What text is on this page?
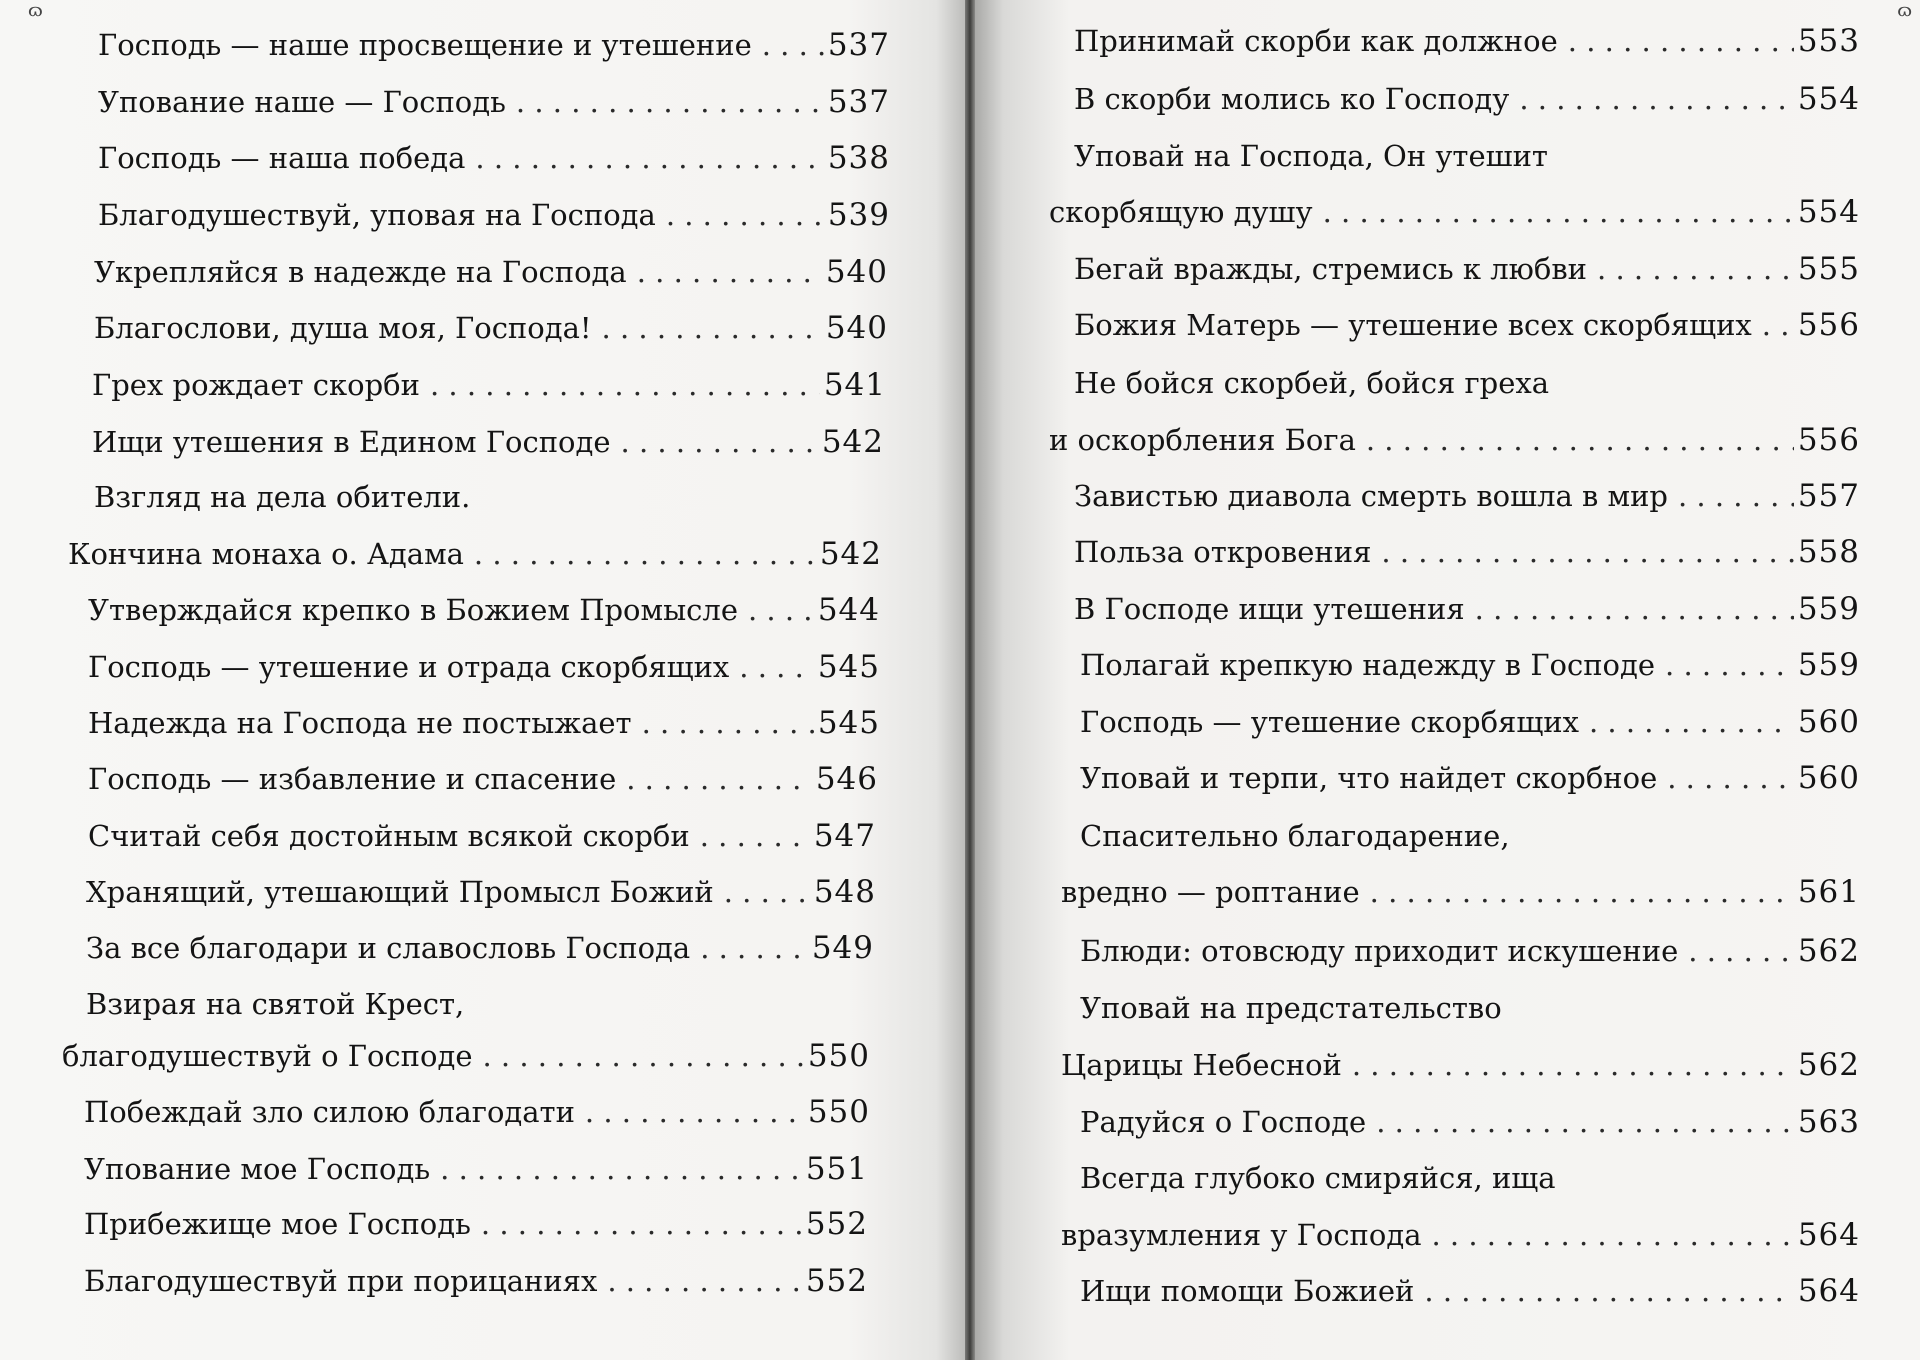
ɷ
Господь — наше просвещение и утешение . . . 537
Упование наше — Господь . . .	537
Господь — наша победа . . .	538
Благодушествуй, уповая на Господа . . .	539
Укрепляйся в надежде на Господа . . .	540
Благослови, душа моя, Господа! . . .	540
Грех рождает скорби . . .	541
Ищи утешения в Едином Господе . . .	542
Взгляд на дела обители.
Кончина монаха о. Адама . . .	542
Утверждайся крепко в Божием Промысле . . .	544
Господь — утешение и отрада скорбящих . . .	545
Надежда на Господа не постыжает . . .	545
Господь — избавление и спасение . . .	546
Считай себя достойным всякой скорби . . .	547
Хранящий, утешающий Промысл Божий . . .	548
За все благодари и славословь Господа . . .	549
Взирая на святой Крест,
благодушествуй о Господе . . .	550
Побеждай зло силою благодати . . .	550
Упование мое Господь . . .	551
Прибежище мое Господь . . .	552
Благодушествуй при порицаниях . . .	552
ɷ
Принимай скорби как должное . . .	553
В скорби молись ко Господу . . .	554
Уповай на Господа, Он утешит
скорбящую душу . . .	554
Бегай вражды, стремись к любви . . .	555
Божия Матерь — утешение всех скорбящих . . . 556
Не бойся скорбей, бойся греха
и оскорбления Бога . . .	556
Завистью диавола смерть вошла в мир . . .	557
Польза откровения . . .	558
В Господе ищи утешения . . .	559
Полагай крепкую надежду в Господе . . .	559
Господь — утешение скорбящих . . .	560
Уповай и терпи, что найдет скорбное . . .	560
Спасительно благодарение,
вредно — роптание . . .	561
Блюди: отовсюду приходит искушение . . .	562
Уповай на предстательство
Царицы Небесной . . .	562
Радуйся о Господе . . .	563
Всегда глубоко смиряйся, ища
вразумления у Господа . . .	564
Ищи помощи Божией . . .	564
